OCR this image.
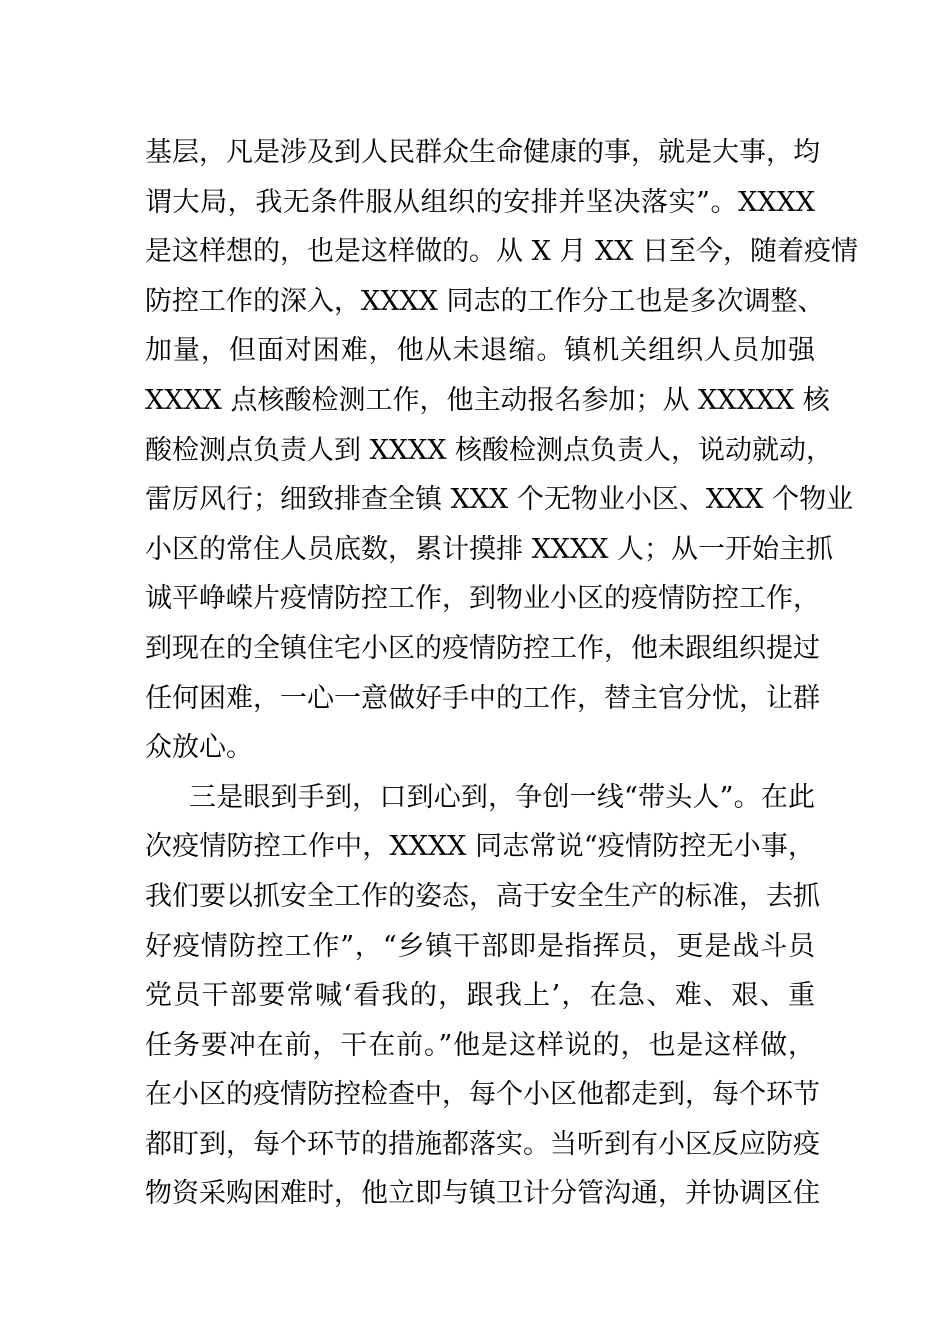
基层，凡是涉及到人民群众生命健康的事，就是大事，均
谓大局，我无条件服从组织的安排并坚决落实”。XXXX
是这样想的，也是这样做的。从 X 月 XX 日至今，随着疫情
防控工作的深入，XXXX 同志的工作分工也是多次调整、
加量，但面对困难，他从未退缩。镇机关组织人员加强
XXXX 点核酸检测工作，他主动报名参加；从 XXXXX 核
酸检测点负责人到 XXXX 核酸检测点负责人，说动就动，
雷厉风行；细致排查全镇 XXX 个无物业小区、XXX 个物业
小区的常住人员底数，累计摸排 XXXX 人；从一开始主抓
诚平峥嵘片疫情防控工作，到物业小区的疫情防控工作，
到现在的全镇住宅小区的疫情防控工作，他未跟组织提过
任何困难，一心一意做好手中的工作，替主官分忧，让群
众放心。
三是眼到手到，口到心到，争创一线“带头人”。在此
次疫情防控工作中，XXXX 同志常说“疫情防控无小事，
我们要以抓安全工作的姿态，高于安全生产的标准，去抓
好疫情防控工作”，“乡镇干部即是指挥员，更是战斗员
党员干部要常喊‘看我的，跟我上’，在急、难、艰、重
任务要冲在前，干在前。”他是这样说的，也是这样做，
在小区的疫情防控检查中，每个小区他都走到，每个环节
都盯到，每个环节的措施都落实。当听到有小区反应防疫
物资采购困难时，他立即与镇卫计分管沟通，并协调区住
